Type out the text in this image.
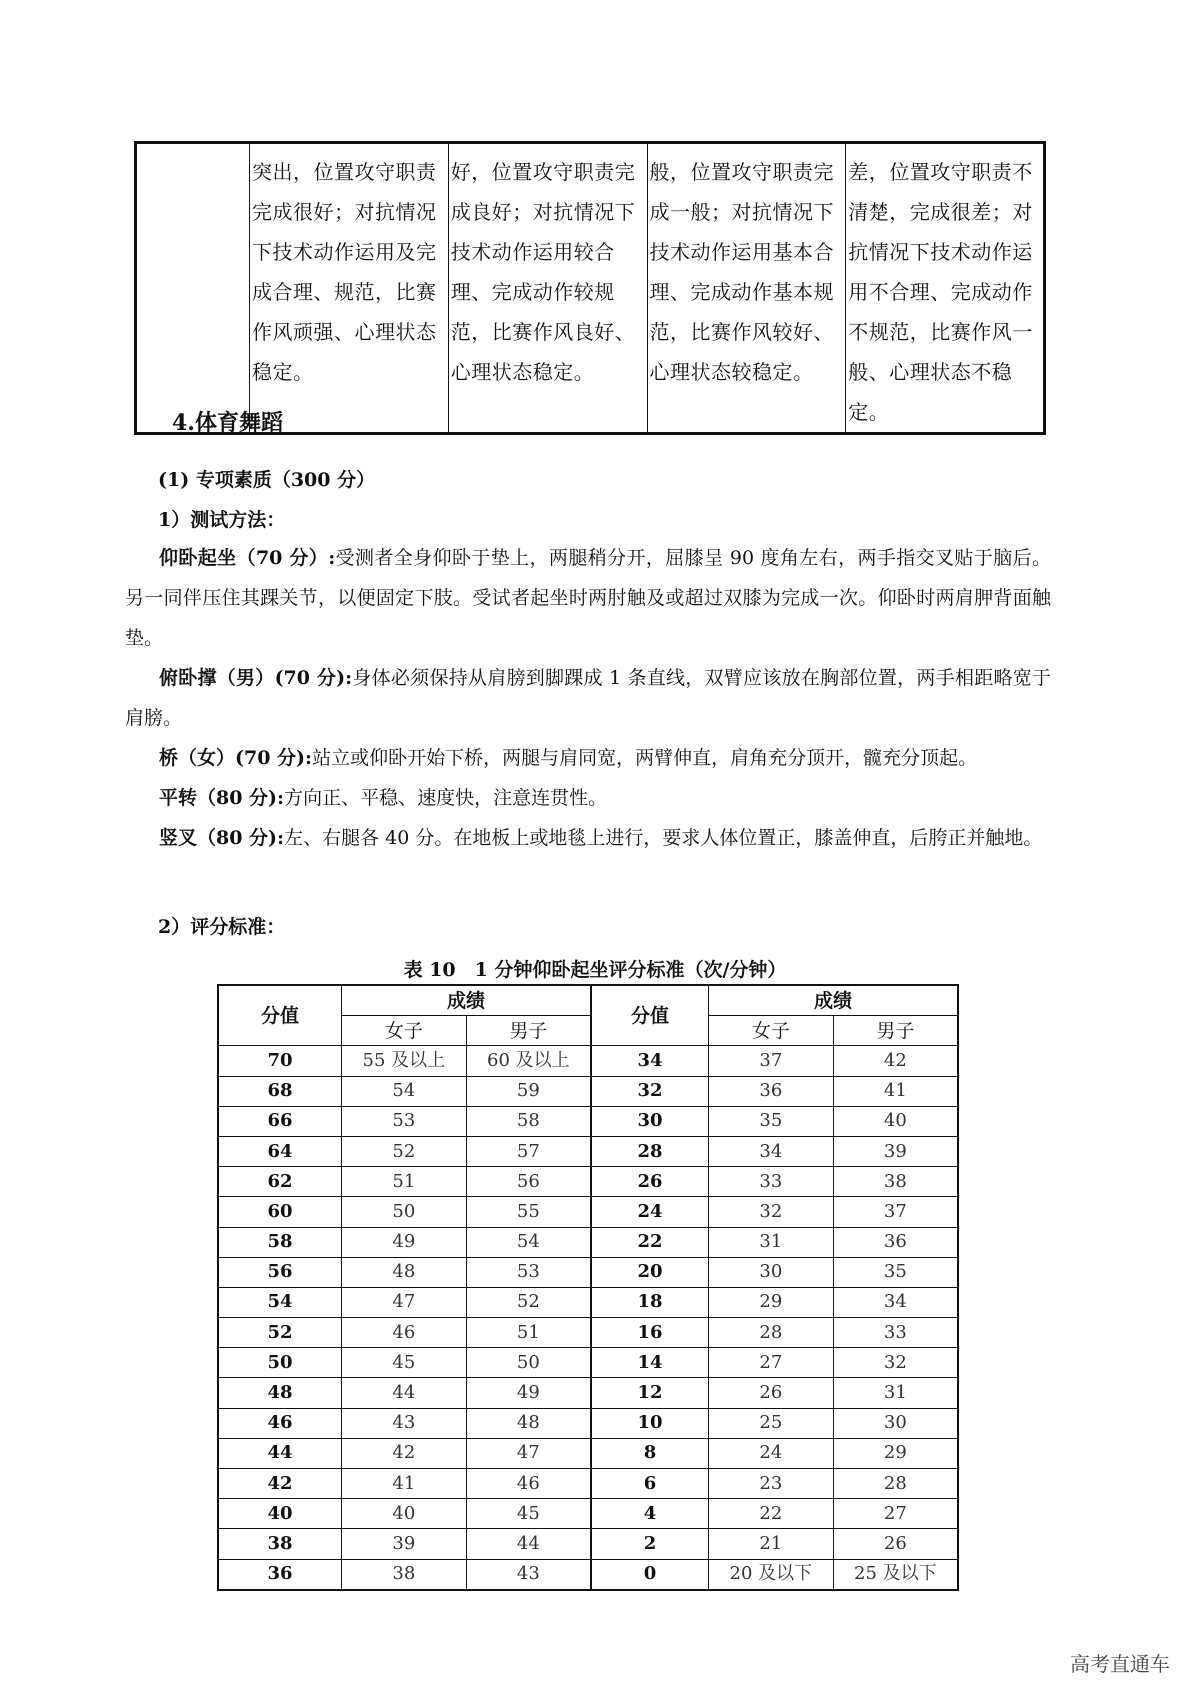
	突出，位置攻守职责完成很好；对抗情况下技术动作运用及完成合理、规范，比赛作风顽强、心理状态稳定。	好，位置攻守职责完成良好；对抗情况下技术动作运用较合理、完成动作较规范，比赛作风良好、心理状态稳定。	般，位置攻守职责完成一般；对抗情况下技术动作运用基本合理、完成动作基本规范，比赛作风较好、心理状态较稳定。	差，位置攻守职责不清楚，完成很差；对抗情况下技术动作运用不合理、完成动作不规范，比赛作风一般、心理状态不稳定。
4.体育舞蹈
(1) 专项素质（300 分）
1）测试方法：

仰卧起坐（70 分）:受测者全身仰卧于垫上，两腿稍分开，屈膝呈 90 度角左右，两手指交叉贴于脑后。另一同伴压住其踝关节，以便固定下肢。受试者起坐时两肘触及或超过双膝为完成一次。仰卧时两肩胛背面触垫。

俯卧撑（男）(70 分):身体必须保持从肩膀到脚踝成 1 条直线，双臂应该放在胸部位置，两手相距略宽于肩膀。

桥（女）(70 分):站立或仰卧开始下桥，两腿与肩同宽，两臂伸直，肩角充分顶开，髋充分顶起。

平转（80 分):方向正、平稳、速度快，注意连贯性。

竖叉（80 分):左、右腿各 40 分。在地板上或地毯上进行，要求人体位置正，膝盖伸直，后胯正并触地。

2）评分标准：
表 10　1 分钟仰卧起坐评分标准（次/分钟）
分值	成绩		分值	成绩	
	女子	男子		女子	男子
70	55 及以上	60 及以上	34	37	42
68	54	59	32	36	41
66	53	58	30	35	40
64	52	57	28	34	39
62	51	56	26	33	38
60	50	55	24	32	37
58	49	54	22	31	36
56	48	53	20	30	35
54	47	52	18	29	34
52	46	51	16	28	33
50	45	50	14	27	32
48	44	49	12	26	31
46	43	48	10	25	30
44	42	47	8	24	29
42	41	46	6	23	28
40	40	45	4	22	27
38	39	44	2	21	26
36	38	43	0	20 及以下	25 及以下
高考直通车
